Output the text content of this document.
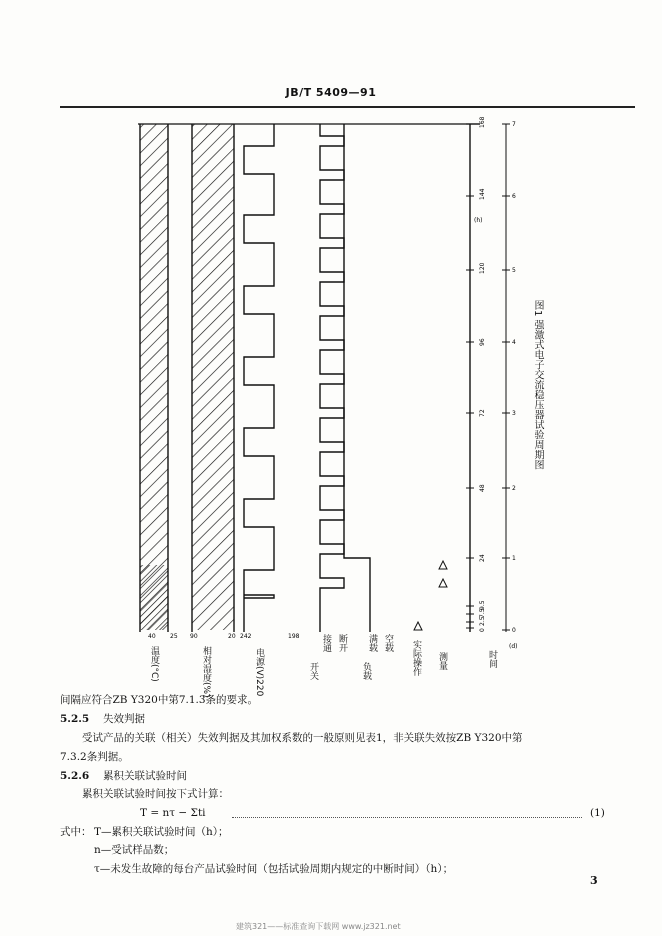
JB/T 5409—91
0
2.5
7.5
9.5
24
48
72
96
120
144
168
0
1
2
3
4
5
6
7
40 25 90	20 242	198
(h)
(d)
温度(°C)	相对湿度(%)	电源(V)220	开关
接通 断开
负载
满载 空载 实际操作 测量	时间
图1 强激式电子交流稳压器试验周期图
间隔应符合ZB Y320中第7.1.3条的要求。
5.2.5 失效判据
受试产品的关联（相关）失效判据及其加权系数的一般原则见表1，非关联失效按ZB Y320中第
7.3.2条判据。
5.2.6 累积关联试验时间
累积关联试验时间按下式计算：
T = nτ − Σti	(1)
式中： T—累积关联试验时间（h）；
n—受试样品数；
τ—未发生故障的每台产品试验时间（包括试验周期内规定的中断时间）（h）；
3
建筑321——标准查询下载网 www.jz321.net
